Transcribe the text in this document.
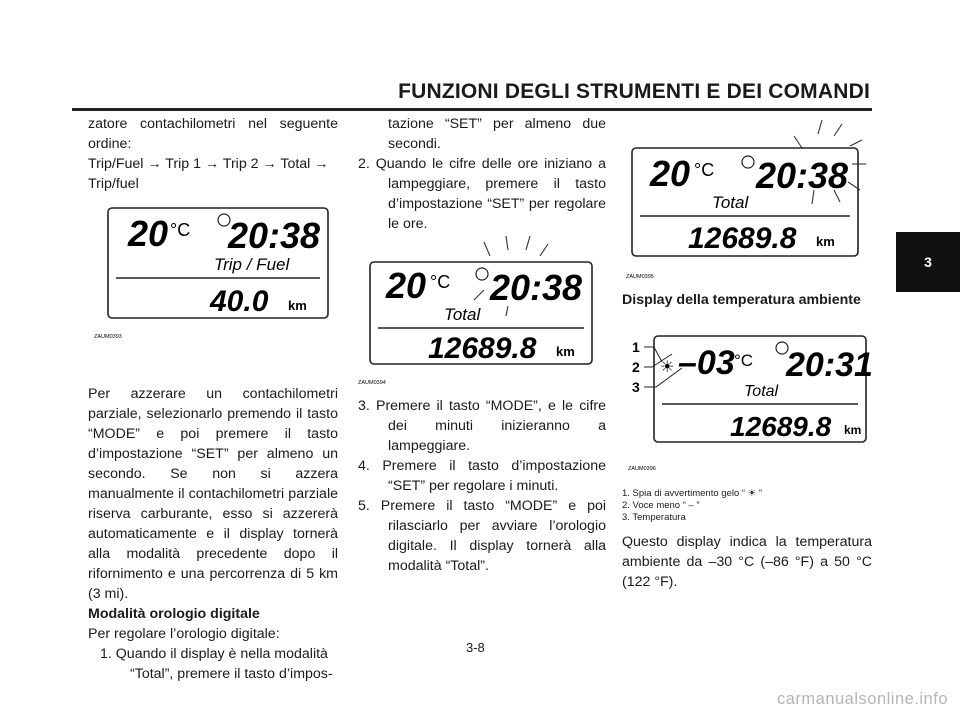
FUNZIONI DEGLI STRUMENTI E DEI COMANDI
3

zatore contachilometri nel seguente ordine:

Trip/Fuel → Trip 1 → Trip 2 → Total → Trip/fuel

20 °C 20:38
Trip / Fuel
40.0 km
ZAUM0393

Per azzerare un contachilometri parziale, selezionarlo premendo il tasto “MODE” e poi premere il tasto d’impostazione “SET” per almeno un secondo. Se non si azzera manualmente il contachilometri parziale riserva carburante, esso si azzererà automaticamente e il display tornerà alla modalità precedente dopo il rifornimento e una percorrenza di 5 km (3 mi).

Modalità orologio digitale

Per regolare l’orologio digitale:

1. Quando il display è nella modalità “Total”, premere il tasto d’impos-

tazione “SET” per almeno due secondi.

2. Quando le cifre delle ore iniziano a lampeggiare, premere il tasto d’impostazione “SET” per regolare le ore.

20 °C 20:38
Total
12689.8 km
ZAUM0394

3. Premere il tasto “MODE”, e le cifre dei minuti inizieranno a lampeggiare.

4. Premere il tasto d’impostazione “SET” per regolare i minuti.

5. Premere il tasto “MODE” e poi rilasciarlo per avviare l’orologio digitale. Il display tornerà alla modalità “Total”.

20 °C 20:38
Total
12689.8 km
ZAUM0395

Display della temperatura ambiente

☀ –03 °C 20:31
Total
12689.8 km
1
2
3
ZAUM0396
1. Spia di avvertimento gelo “ ☀ ”
2. Voce meno “ – ”
3. Temperatura

Questo display indica la temperatura ambiente da –30 °C (–86 °F) a 50 °C (122 °F).

3-8
carmanualsonline.info
